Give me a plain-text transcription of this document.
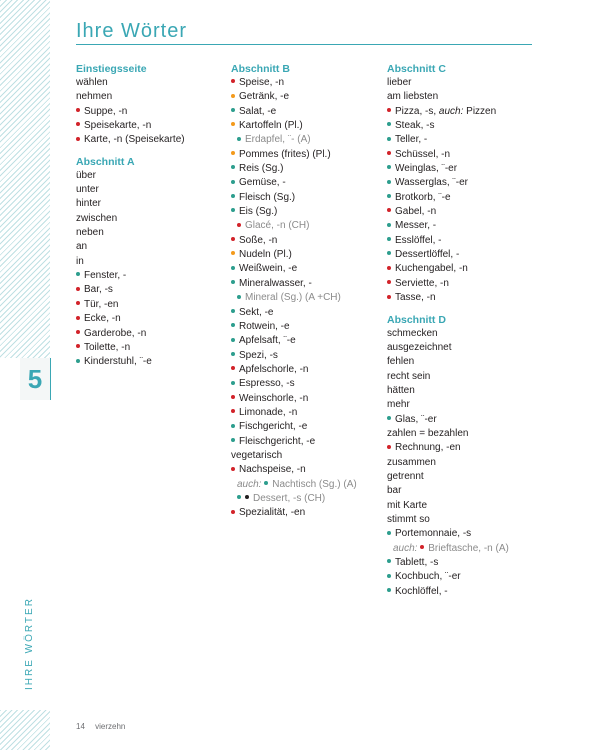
5
IHRE WÖRTER
Ihre Wörter
Einstiegsseite
wählen
nehmen
Suppe, -n
Speisekarte, -n
Karte, -n (Speisekarte)
Abschnitt A
über
unter
hinter
zwischen
neben
an
in
Fenster, -
Bar, -s
Tür, -en
Ecke, -n
Garderobe, -n
Toilette, -n
Kinderstuhl, ¨-e
Abschnitt B
Speise, -n
Getränk, -e
Salat, -e
Kartoffeln (Pl.)
Erdapfel, ¨- (A)
Pommes (frites) (Pl.)
Reis (Sg.)
Gemüse, -
Fleisch (Sg.)
Eis (Sg.)
Glacé, -n (CH)
Soße, -n
Nudeln (Pl.)
Weißwein, -e
Mineralwasser, -
Mineral (Sg.) (A +CH)
Sekt, -e
Rotwein, -e
Apfelsaft, ¨-e
Spezi, -s
Apfelschorle, -n
Espresso, -s
Weinschorle, -n
Limonade, -n
Fischgericht, -e
Fleischgericht, -e
vegetarisch
Nachspeise, -n
auch: Nachtisch (Sg.) (A)
Dessert, -s (CH)
Spezialität, -en
Abschnitt C
lieber
am liebsten
Pizza, -s, auch: Pizzen
Steak, -s
Teller, -
Schüssel, -n
Weinglas, ¨-er
Wasserglas, ¨-er
Brotkorb, ¨-e
Gabel, -n
Messer, -
Esslöffel, -
Dessertlöffel, -
Kuchengabel, -n
Serviette, -n
Tasse, -n
Abschnitt D
schmecken
ausgezeichnet
fehlen
recht sein
hätten
mehr
Glas, ¨-er
zahlen = bezahlen
Rechnung, -en
zusammen
getrennt
bar
mit Karte
stimmt so
Portemonnaie, -s
auch: Brieftasche, -n (A)
Tablett, -s
Kochbuch, ¨-er
Kochlöffel, -
14 vierzehn
